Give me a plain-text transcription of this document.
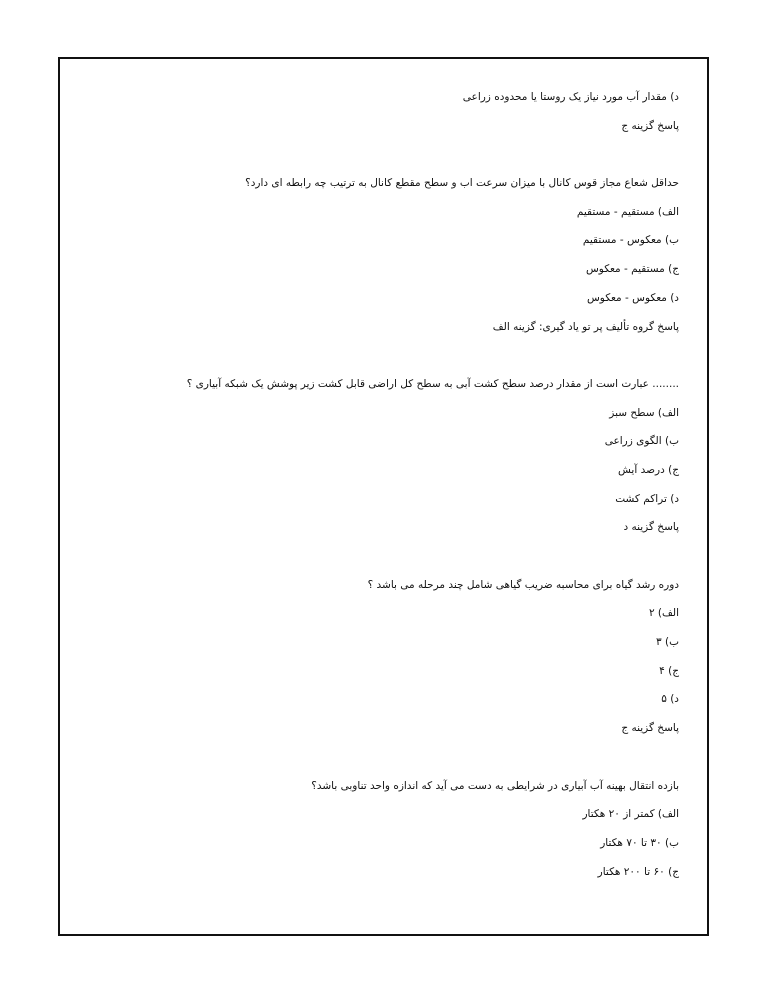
د) مقدار آب مورد نیاز یک روستا یا محدوده زراعی
پاسخ گزینه ج
حداقل شعاع مجاز قوس کانال با میزان سرعت اب و سطح مقطع کانال به ترتیب چه رابطه ای دارد؟
الف) مستقیم - مستقیم
ب) معکوس - مستقیم
ج) مستقیم - معکوس
د) معکوس - معکوس
پاسخ گروه تألیف پر تو یاد گیری: گزینه الف
........ عبارت است از مقدار درصد سطح کشت آبی به سطح کل اراضی قابل کشت زیر پوشش یک شبکه آبیاری ؟
الف) سطح سبز
ب) الگوی زراعی
ج) درصد آیش
د) تراکم کشت
پاسخ گزینه د
دوره رشد گیاه برای محاسبه ضریب گیاهی شامل چند مرحله می باشد ؟
الف) ۲
ب) ۳
ج) ۴
د) ۵
پاسخ گزینه ج
بازده انتقال بهینه آب آبیاری در شرایطی به دست می آید که اندازه واحد تناوبی باشد؟
الف) کمتر از ۲۰ هکتار
ب) ۳۰ تا ۷۰ هکتار
ج) ۶۰ تا ۲۰۰ هکتار
